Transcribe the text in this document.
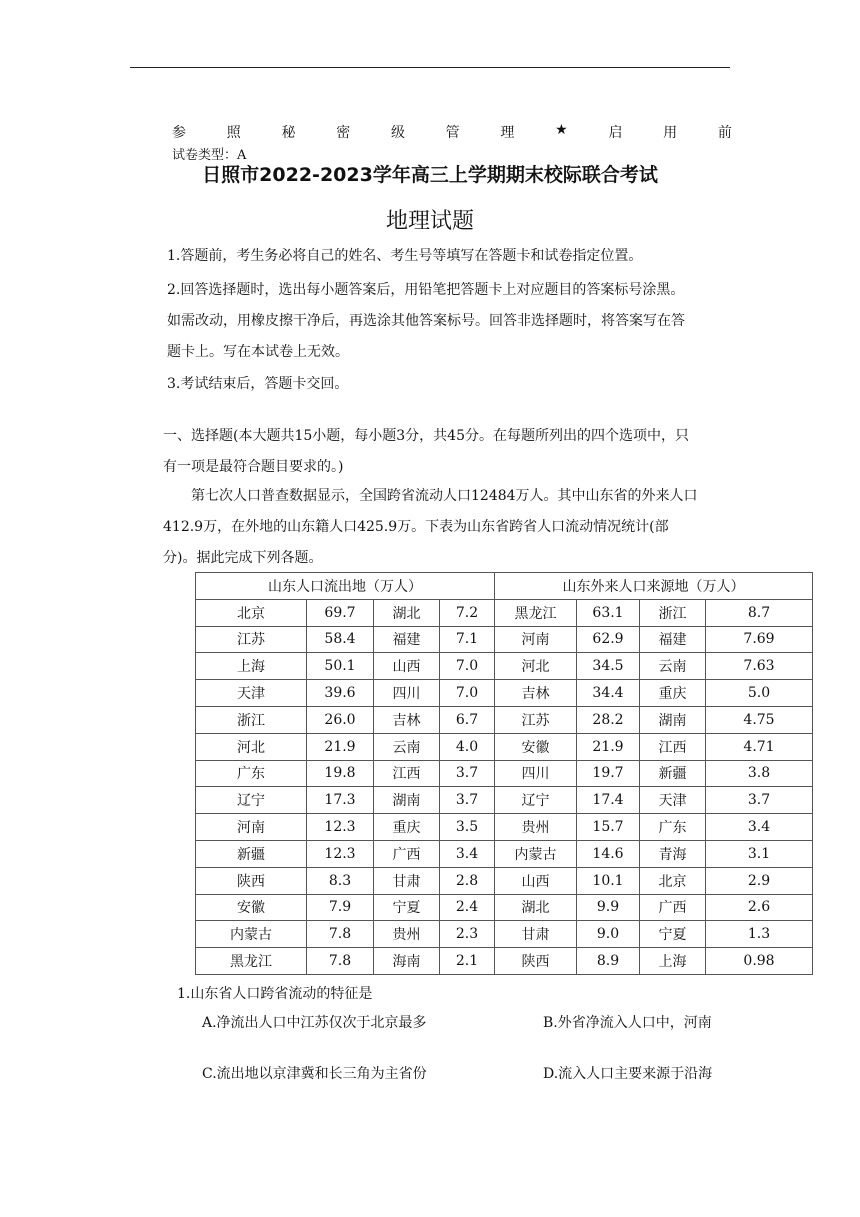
参	照	秘	密	级	管	理	★	启	用	前
试卷类型：A
日照市2022-2023学年高三上学期期末校际联合考试
地理试题

1.答题前，考生务必将自己的姓名、考生号等填写在答题卡和试卷指定位置。

2.回答选择题时，选出每小题答案后，用铅笔把答题卡上对应题目的答案标号涂黑。如需改动，用橡皮擦干净后，再选涂其他答案标号。回答非选择题时，将答案写在答题卡上。写在本试卷上无效。

3.考试结束后，答题卡交回。

一、选择题(本大题共15小题，每小题3分，共45分。在每题所列出的四个选项中，只有一项是最符合题目要求的。)

第七次人口普查数据显示，全国跨省流动人口12484万人。其中山东省的外来人口412.9万，在外地的山东籍人口425.9万。下表为山东省跨省人口流动情况统计(部分)。据此完成下列各题。

山东人口流出地（万人）				山东外来人口来源地（万人）			
北京	69.7	湖北	7.2	黑龙江	63.1	浙江	8.7
江苏	58.4	福建	7.1	河南	62.9	福建	7.69
上海	50.1	山西	7.0	河北	34.5	云南	7.63
天津	39.6	四川	7.0	吉林	34.4	重庆	5.0
浙江	26.0	吉林	6.7	江苏	28.2	湖南	4.75
河北	21.9	云南	4.0	安徽	21.9	江西	4.71
广东	19.8	江西	3.7	四川	19.7	新疆	3.8
辽宁	17.3	湖南	3.7	辽宁	17.4	天津	3.7
河南	12.3	重庆	3.5	贵州	15.7	广东	3.4
新疆	12.3	广西	3.4	内蒙古	14.6	青海	3.1
陕西	8.3	甘肃	2.8	山西	10.1	北京	2.9
安徽	7.9	宁夏	2.4	湖北	9.9	广西	2.6
内蒙古	7.8	贵州	2.3	甘肃	9.0	宁夏	1.3
黑龙江	7.8	海南	2.1	陕西	8.9	上海	0.98
1.山东省人口跨省流动的特征是
A.净流出人口中江苏仅次于北京最多	B.外省净流入人口中，河南
C.流出地以京津冀和长三角为主省份	D.流入人口主要来源于沿海
